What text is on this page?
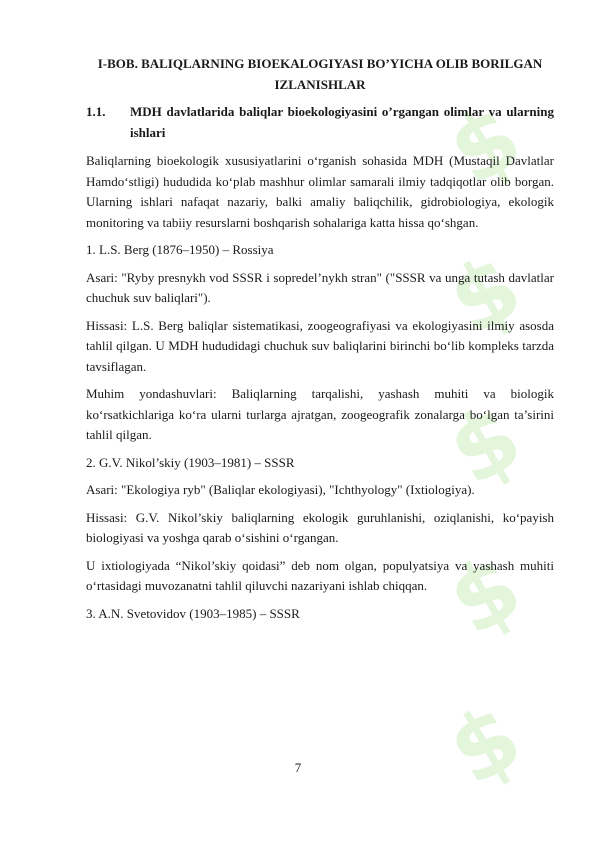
$
$
$
$
$
I-BOB. BALIQLARNING BIOEKALOGIYASI BO’YICHA OLIB BORILGAN IZLANISHLAR
1.1.	MDH davlatlarida baliqlar bioekologiyasini o’rgangan olimlar va ularning ishlari

Baliqlarning bioekologik xususiyatlarini o‘rganish sohasida MDH (Mustaqil Davlatlar Hamdo‘stligi) hududida ko‘plab mashhur olimlar samarali ilmiy tadqiqotlar olib borgan. Ularning ishlari nafaqat nazariy, balki amaliy baliqchilik, gidrobiologiya, ekologik monitoring va tabiiy resurslarni boshqarish sohalariga katta hissa qo‘shgan.

1. L.S. Berg (1876–1950) – Rossiya

Asari: "Ryby presnykh vod SSSR i sopredel’nykh stran" ("SSSR va unga tutash davlatlar chuchuk suv baliqlari").

Hissasi: L.S. Berg baliqlar sistematikasi, zoogeografiyasi va ekologiyasini ilmiy asosda tahlil qilgan. U MDH hududidagi chuchuk suv baliqlarini birinchi bo‘lib kompleks tarzda tavsiflagan.

Muhim yondashuvlari: Baliqlarning tarqalishi, yashash muhiti va biologik ko‘rsatkichlariga ko‘ra ularni turlarga ajratgan, zoogeografik zonalarga bo‘lgan ta’sirini tahlil qilgan.

2. G.V. Nikol’skiy (1903–1981) – SSSR

Asari: "Ekologiya ryb" (Baliqlar ekologiyasi), "Ichthyology" (Ixtiologiya).

Hissasi: G.V. Nikol’skiy baliqlarning ekologik guruhlanishi, oziqlanishi, ko‘payish biologiyasi va yoshga qarab o‘sishini o‘rgangan.

U ixtiologiyada “Nikol’skiy qoidasi” deb nom olgan, populyatsiya va yashash muhiti o‘rtasidagi muvozanatni tahlil qiluvchi nazariyani ishlab chiqqan.

3. A.N. Svetovidov (1903–1985) – SSSR

7
